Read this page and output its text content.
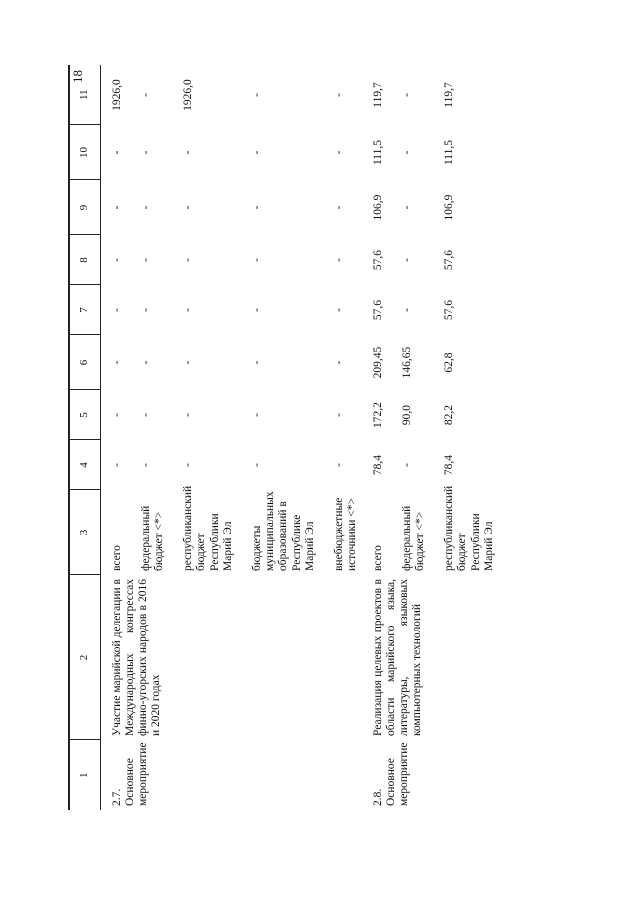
18
1	2	3	4	5	6	7	8	9	10	11
2.7. Основное мероприятие	Участие марийской делегации в Международных конгрессах финно-угорских народов в 2016 и 2020 годах	всего	-	-	-	-	-	-	-	1926,0
		федеральный бюджет <*>	-	-	-	-	-	-	-	-
		республиканский бюджет Республики Марий Эл	-	-	-	-	-	-	-	1926,0
		бюджеты муниципальных образований в Республике Марий Эл	-	-	-	-	-	-	-	-
		внебюджетные источники <*>	-	-	-	-	-	-	-	-
2.8. Основное мероприятие	Реализация целевых проектов в области марийского языка, литературы, языковых компьютерных технологий	всего	78,4	172,2	209,45	57,6	57,6	106,9	111,5	119,7
		федеральный бюджет <*>	-	90,0	146,65	-	-	-	-	-
		республиканский бюджет Республики Марий Эл	78,4	82,2	62,8	57,6	57,6	106,9	111,5	119,7
